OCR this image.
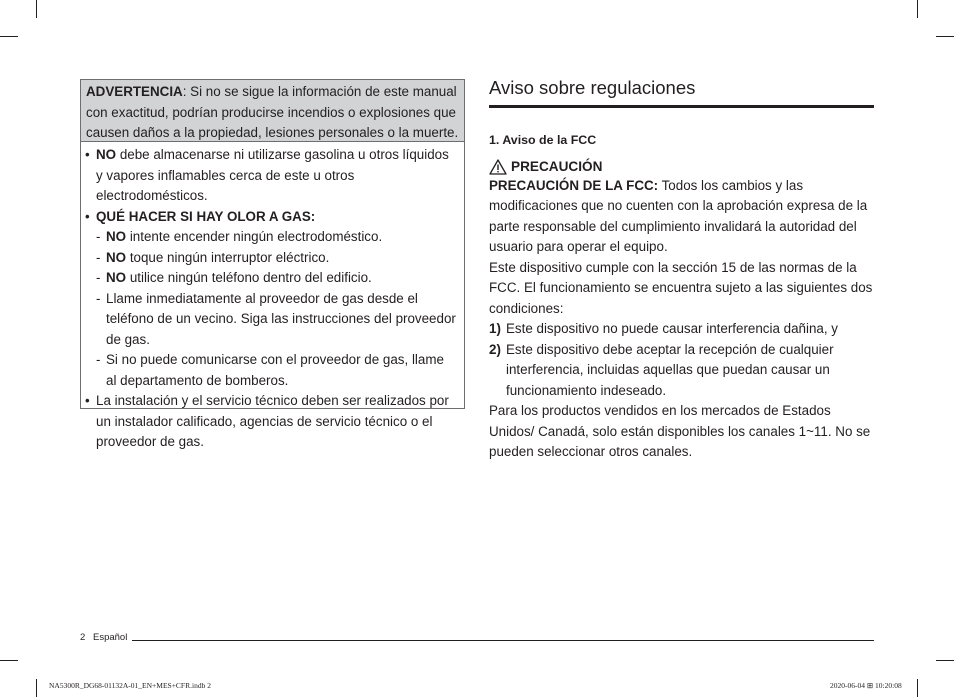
ADVERTENCIA: Si no se sigue la información de este manual con exactitud, podrían producirse incendios o explosiones que causen daños a la propiedad, lesiones personales o la muerte.
• NO debe almacenarse ni utilizarse gasolina u otros líquidos y vapores inflamables cerca de este u otros electrodomésticos.
• QUÉ HACER SI HAY OLOR A GAS:
- NO intente encender ningún electrodoméstico.
- NO toque ningún interruptor eléctrico.
- NO utilice ningún teléfono dentro del edificio.
- Llame inmediatamente al proveedor de gas desde el teléfono de un vecino. Siga las instrucciones del proveedor de gas.
- Si no puede comunicarse con el proveedor de gas, llame al departamento de bomberos.
• La instalación y el servicio técnico deben ser realizados por un instalador calificado, agencias de servicio técnico o el proveedor de gas.
Aviso sobre regulaciones
1. Aviso de la FCC
PRECAUCIÓN
PRECAUCIÓN DE LA FCC: Todos los cambios y las modificaciones que no cuenten con la aprobación expresa de la parte responsable del cumplimiento invalidará la autoridad del usuario para operar el equipo.
Este dispositivo cumple con la sección 15 de las normas de la FCC. El funcionamiento se encuentra sujeto a las siguientes dos condiciones:
1) Este dispositivo no puede causar interferencia dañina, y
2) Este dispositivo debe aceptar la recepción de cualquier interferencia, incluidas aquellas que puedan causar un funcionamiento indeseado.
Para los productos vendidos en los mercados de Estados Unidos/ Canadá, solo están disponibles los canales 1~11. No se pueden seleccionar otros canales.
2 Español
NA5300R_DG68-01132A-01_EN+MES+CFR.indb 2	2020-06-04 ⊞ 10:20:08
